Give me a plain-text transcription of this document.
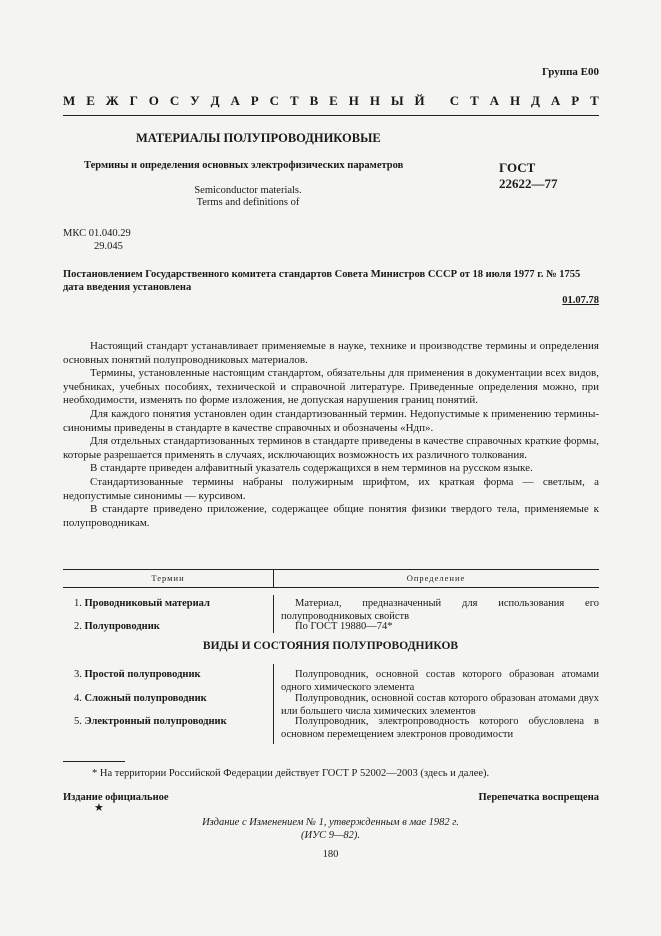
Группа Е00
М Е Ж Г О С У Д А Р С Т В Е Н Н Ы Й
С Т А Н Д А Р Т
МАТЕРИАЛЫ ПОЛУПРОВОДНИКОВЫЕ
Термины и определения основных электрофизических параметров
Semiconductor materials.
Terms and definitions of
ГОСТ
22622—77
МКС 01.040.29
29.045
Постановлением Государственного комитета стандартов Совета Министров СССР от 18 июля 1977 г. № 1755
дата введения установлена
01.07.78

Настоящий стандарт устанавливает применяемые в науке, технике и производстве термины и определения основных понятий полупроводниковых материалов.

Термины, установленные настоящим стандартом, обязательны для применения в документации всех видов, учебниках, учебных пособиях, технической и справочной литературе. Приведенные определения можно, при необходимости, изменять по форме изложения, не допуская нарушения границ понятий.

Для каждого понятия установлен один стандартизованный термин. Недопустимые к применению термины-синонимы приведены в стандарте в качестве справочных и обозначены «Ндп».

Для отдельных стандартизованных терминов в стандарте приведены в качестве справочных краткие формы, которые разрешается применять в случаях, исключающих возможность их различного толкования.

В стандарте приведен алфавитный указатель содержащихся в нем терминов на русском языке.

Стандартизованные термины набраны полужирным шрифтом, их краткая форма — светлым, а недопустимые синонимы — курсивом.

В стандарте приведено приложение, содержащее общие понятия физики твердого тела, применяемые к полупроводникам.

Термин	Определение
1. Проводниковый материал	Материал, предназначенный для использования его полупроводниковых свойств

2. Полупроводник	По ГОСТ 19880—74*

ВИДЫ И СОСТОЯНИЯ ПОЛУПРОВОДНИКОВ
3. Простой полупроводник	Полупроводник, основной состав которого образован атомами одного химического элемента

4. Сложный полупроводник	Полупроводник, основной состав которого образован атомами двух или большего числа химических элементов

5. Электронный полупроводник	Полупроводник, электропроводность которого обусловлена в основном перемещением электронов проводимости

* На территории Российской Федерации действует ГОСТ Р 52002—2003 (здесь и далее).
Издание официальное
★
Перепечатка воспрещена
Издание с Изменением № 1, утвержденным в мае 1982 г.
(ИУС 9—82).
180
